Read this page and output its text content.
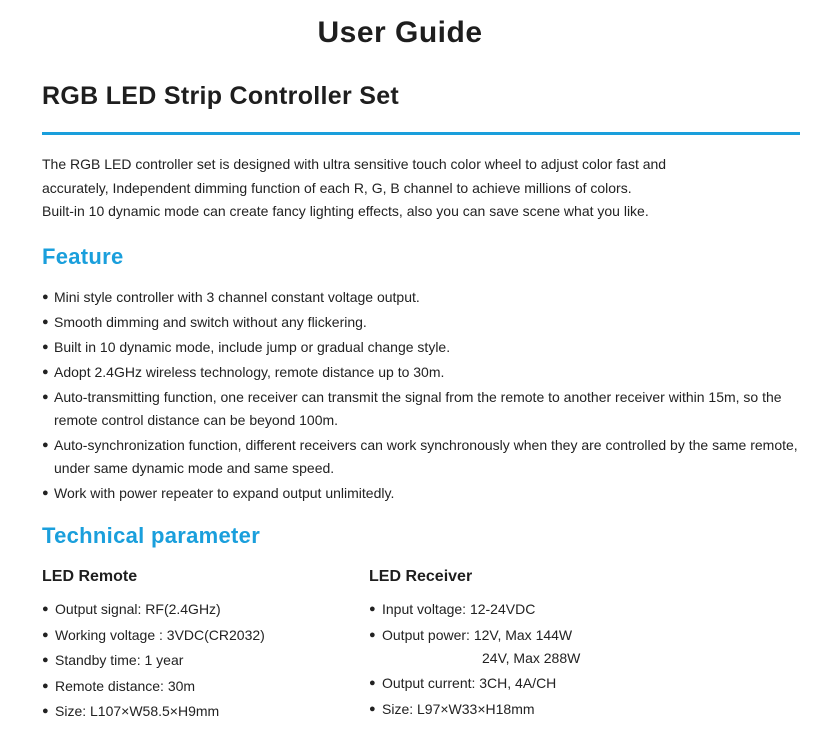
User Guide
RGB LED Strip Controller Set
The RGB LED controller set is designed with ultra sensitive touch color wheel to adjust color fast and
accurately, Independent dimming function of each R, G, B channel to achieve millions of colors.
Built-in 10 dynamic mode can create fancy lighting effects, also you can save scene what you like.
Feature
● Mini style controller with 3 channel constant voltage output.
● Smooth dimming and switch without any flickering.
● Built in 10 dynamic mode, include jump or gradual change style.
● Adopt 2.4GHz wireless technology, remote distance up to 30m.
● Auto-transmitting function, one receiver can transmit the signal from the remote to another receiver within 15m, so the remote control distance can be beyond 100m.
● Auto-synchronization function, different receivers can work synchronously when they are controlled by the same remote, under same dynamic mode and same speed.
● Work with power repeater to expand output unlimitedly.
Technical parameter
LED Remote
● Output signal: RF(2.4GHz)
● Working voltage : 3VDC(CR2032)
● Standby time: 1 year
● Remote distance: 30m
● Size: L107×W58.5×H9mm
LED Receiver
● Input voltage: 12-24VDC
● Output power: 12V, Max 144W
24V, Max 288W
● Output current: 3CH, 4A/CH
● Size: L97×W33×H18mm
